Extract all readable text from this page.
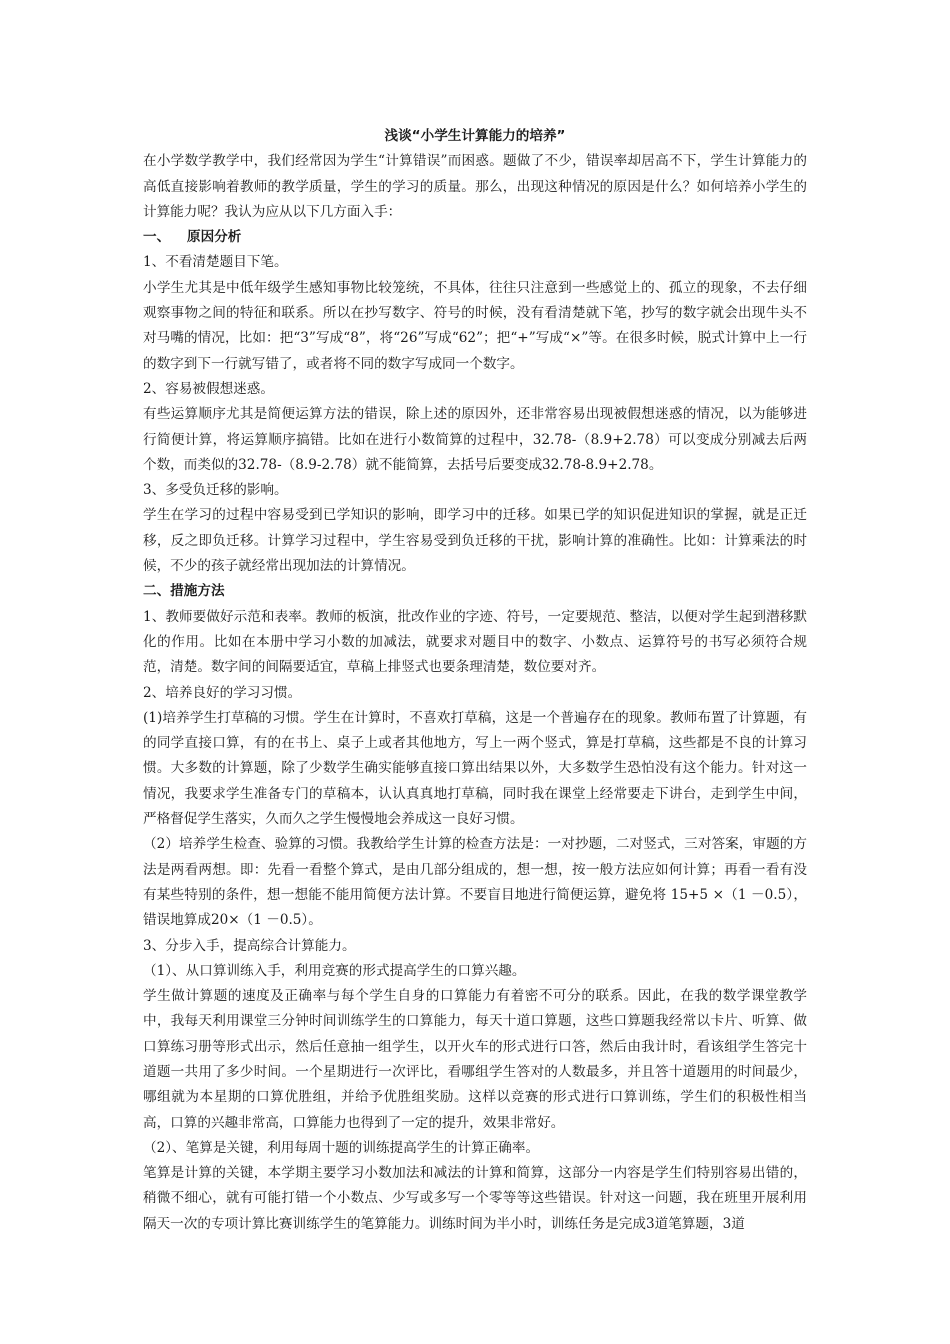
浅谈“小学生计算能力的培养”

在小学数学教学中，我们经常因为学生“计算错误”而困惑。题做了不少，错误率却居高不下，学生计算能力的高低直接影响着教师的教学质量，学生的学习的质量。那么，出现这种情况的原因是什么？如何培养小学生的计算能力呢？我认为应从以下几方面入手：

一、 原因分析

1、不看清楚题目下笔。

小学生尤其是中低年级学生感知事物比较笼统，不具体，往往只注意到一些感觉上的、孤立的现象，不去仔细观察事物之间的特征和联系。所以在抄写数字、符号的时候，没有看清楚就下笔，抄写的数字就会出现牛头不对马嘴的情况，比如：把“3”写成“8”，将“26”写成“62”；把“+”写成“×”等。在很多时候，脱式计算中上一行的数字到下一行就写错了，或者将不同的数字写成同一个数字。

2、容易被假想迷惑。

有些运算顺序尤其是简便运算方法的错误，除上述的原因外，还非常容易出现被假想迷惑的情况，以为能够进行简便计算，将运算顺序搞错。比如在进行小数简算的过程中，32.78-（8.9+2.78）可以变成分别减去后两个数，而类似的32.78-（8.9-2.78）就不能简算，去括号后要变成32.78-8.9+2.78。

3、多受负迁移的影响。

学生在学习的过程中容易受到已学知识的影响，即学习中的迁移。如果已学的知识促进知识的掌握，就是正迁移，反之即负迁移。计算学习过程中，学生容易受到负迁移的干扰，影响计算的准确性。比如：计算乘法的时候，不少的孩子就经常出现加法的计算情况。

二、措施方法

1、教师要做好示范和表率。教师的板演，批改作业的字迹、符号，一定要规范、整洁，以便对学生起到潜移默化的作用。比如在本册中学习小数的加减法，就要求对题目中的数字、小数点、运算符号的书写必须符合规范，清楚。数字间的间隔要适宜，草稿上排竖式也要条理清楚，数位要对齐。

2、培养良好的学习习惯。

(1)培养学生打草稿的习惯。学生在计算时，不喜欢打草稿，这是一个普遍存在的现象。教师布置了计算题，有的同学直接口算，有的在书上、桌子上或者其他地方，写上一两个竖式，算是打草稿，这些都是不良的计算习惯。大多数的计算题，除了少数学生确实能够直接口算出结果以外，大多数学生恐怕没有这个能力。针对这一情况，我要求学生准备专门的草稿本，认认真真地打草稿，同时我在课堂上经常要走下讲台，走到学生中间，严格督促学生落实，久而久之学生慢慢地会养成这一良好习惯。

（2）培养学生检查、验算的习惯。我教给学生计算的检查方法是：一对抄题，二对竖式，三对答案，审题的方法是两看两想。即：先看一看整个算式，是由几部分组成的，想一想，按一般方法应如何计算；再看一看有没有某些特别的条件，想一想能不能用简便方法计算。不要盲目地进行简便运算，避免将 15+5 ×（1 －0.5），错误地算成20×（1 －0.5）。

3、分步入手，提高综合计算能力。

（1）、从口算训练入手，利用竞赛的形式提高学生的口算兴趣。

学生做计算题的速度及正确率与每个学生自身的口算能力有着密不可分的联系。因此，在我的数学课堂教学中，我每天利用课堂三分钟时间训练学生的口算能力，每天十道口算题，这些口算题我经常以卡片、听算、做口算练习册等形式出示，然后任意抽一组学生，以开火车的形式进行口答，然后由我计时，看该组学生答完十道题一共用了多少时间。一个星期进行一次评比，看哪组学生答对的人数最多，并且答十道题用的时间最少，哪组就为本星期的口算优胜组，并给予优胜组奖励。这样以竞赛的形式进行口算训练，学生们的积极性相当高，口算的兴趣非常高，口算能力也得到了一定的提升，效果非常好。

（2）、笔算是关键，利用每周十题的训练提高学生的计算正确率。

笔算是计算的关键，本学期主要学习小数加法和减法的计算和简算，这部分一内容是学生们特别容易出错的，稍微不细心，就有可能打错一个小数点、少写或多写一个零等等这些错误。针对这一问题，我在班里开展利用隔天一次的专项计算比赛训练学生的笔算能力。训练时间为半小时，训练任务是完成3道笔算题，3道
